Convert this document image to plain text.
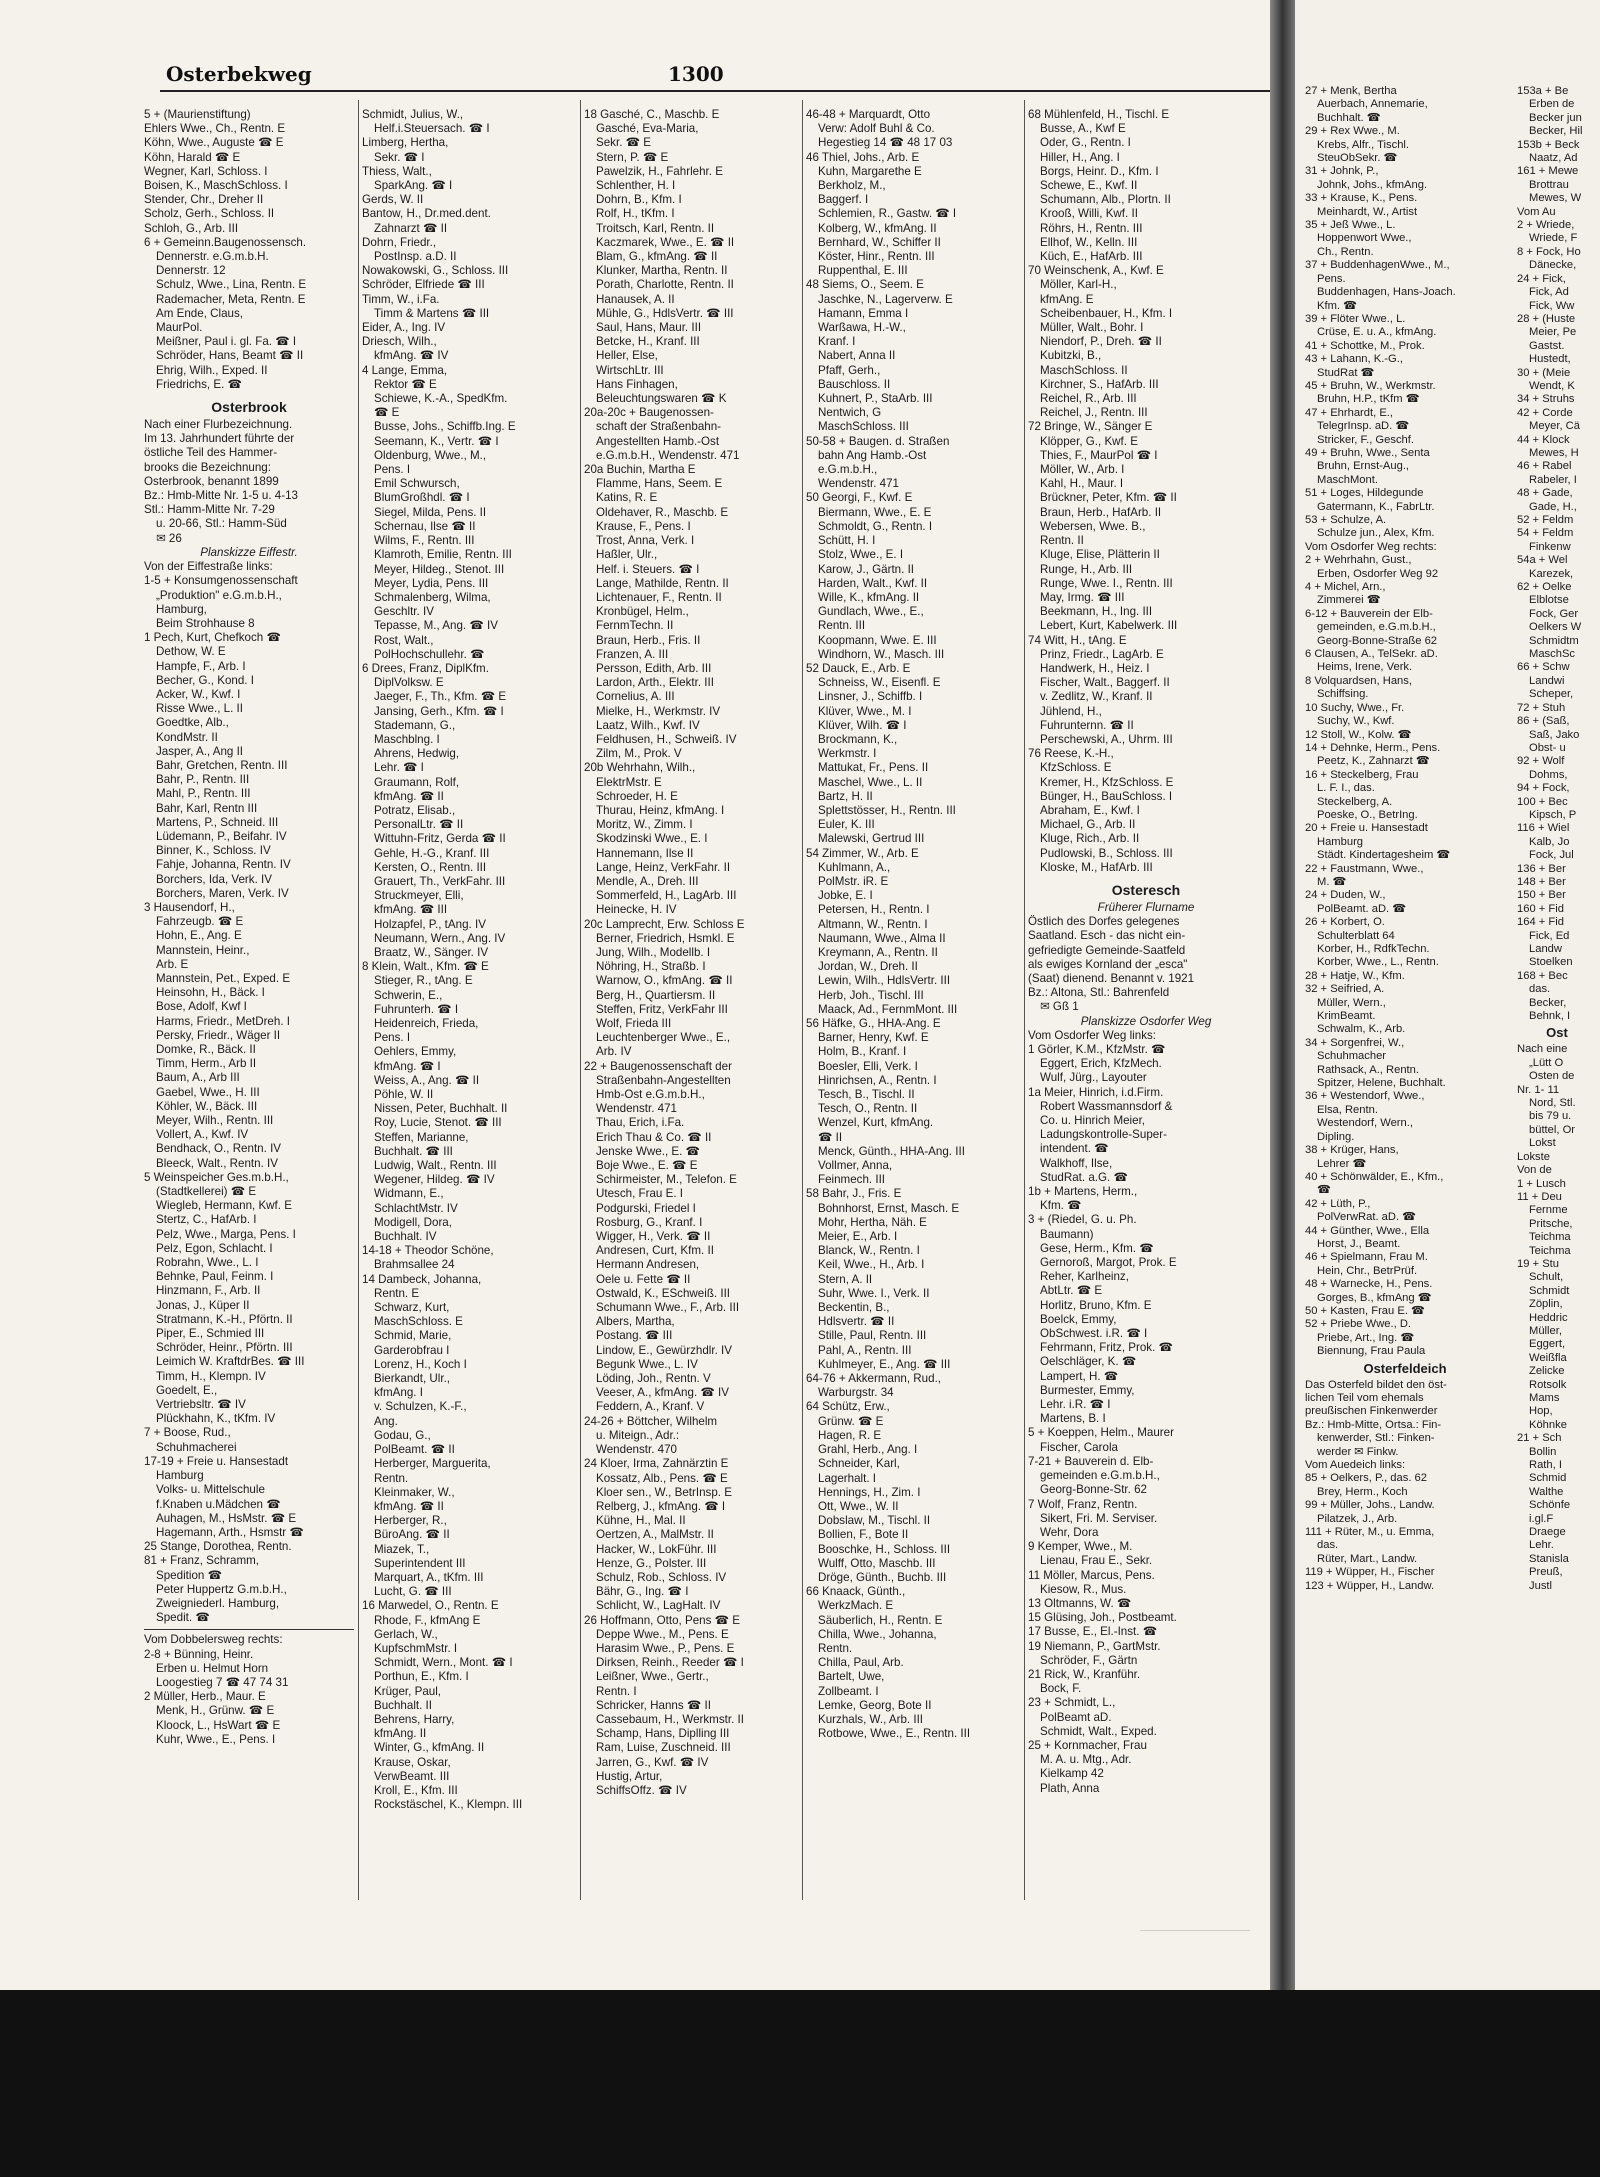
Osterbekweg	1300
5 + (Maurienstiftung)
Ehlers Wwe., Ch., Rentn. E
Köhn, Wwe., Auguste ☎ E
Köhn, Harald ☎ E
Wegner, Karl, Schloss. I
Boisen, K., MaschSchloss. I
Stender, Chr., Dreher II
Scholz, Gerh., Schloss. II
Schloh, G., Arb. III
6 + Gemeinn.Baugenossensch.
Dennerstr. e.G.m.b.H.
Dennerstr. 12
Schulz, Wwe., Lina, Rentn. E
Rademacher, Meta, Rentn. E
Am Ende, Claus,
MaurPol.
Meißner, Paul i. gl. Fa. ☎ I
Schröder, Hans, Beamt ☎ II
Ehrig, Wilh., Exped. II
Friedrichs, E. ☎
Osterbrook
Nach einer Flurbezeichnung.
Im 13. Jahrhundert führte der
östliche Teil des Hammer-
brooks die Bezeichnung:
Osterbrook, benannt 1899
Bz.: Hmb-Mitte Nr. 1-5 u. 4-13
Stl.: Hamm-Mitte Nr. 7-29
u. 20-66, Stl.: Hamm-Süd
✉ 26
Planskizze Eiffestr.
Von der Eiffestraße links:
1-5 + Konsumgenossenschaft
„Produktion" e.G.m.b.H.,
Hamburg,
Beim Strohhause 8
1 Pech, Kurt, Chefkoch ☎
Dethow, W. E
Hampfe, F., Arb. I
Becher, G., Kond. I
Acker, W., Kwf. I
Risse Wwe., L. II
Goedtke, Alb.,
KondMstr. II
Jasper, A., Ang II
Bahr, Gretchen, Rentn. III
Bahr, P., Rentn. III
Mahl, P., Rentn. III
Bahr, Karl, Rentn III
Martens, P., Schneid. III
Lüdemann, P., Beifahr. IV
Binner, K., Schloss. IV
Fahje, Johanna, Rentn. IV
Borchers, Ida, Verk. IV
Borchers, Maren, Verk. IV
3 Hausendorf, H.,
Fahrzeugb. ☎ E
Hohn, E., Ang. E
Mannstein, Heinr.,
Arb. E
Mannstein, Pet., Exped. E
Heinsohn, H., Bäck. I
Bose, Adolf, Kwf I
Harms, Friedr., MetDreh. I
Persky, Friedr., Wäger II
Domke, R., Bäck. II
Timm, Herm., Arb II
Baum, A., Arb III
Gaebel, Wwe., H. III
Köhler, W., Bäck. III
Meyer, Wilh., Rentn. III
Vollert, A., Kwf. IV
Bendhack, O., Rentn. IV
Bleeck, Walt., Rentn. IV
5 Weinspeicher Ges.m.b.H.,
(Stadtkellerei) ☎ E
Wiegleb, Hermann, Kwf. E
Stertz, C., HafArb. I
Pelz, Wwe., Marga, Pens. I
Pelz, Egon, Schlacht. I
Robrahn, Wwe., L. I
Behnke, Paul, Feinm. I
Hinzmann, F., Arb. II
Jonas, J., Küper II
Stratmann, K.-H., Pförtn. II
Piper, E., Schmied III
Schröder, Heinr., Pförtn. III
Leimich W. KraftdrBes. ☎ III
Timm, H., Klempn. IV
Goedelt, E.,
Vertriebsltr. ☎ IV
Plückhahn, K., tKfm. IV
7 + Boose, Rud.,
Schuhmacherei
17-19 + Freie u. Hansestadt
Hamburg
Volks- u. Mittelschule
f.Knaben u.Mädchen ☎
Auhagen, M., HsMstr. ☎ E
Hagemann, Arth., Hsmstr ☎
25 Stange, Dorothea, Rentn.
81 + Franz, Schramm,
Spedition ☎
Peter Huppertz G.m.b.H.,
Zweigniederl. Hamburg,
Spedit. ☎
Vom Dobbelersweg rechts:
2-8 + Bünning, Heinr.
Erben u. Helmut Horn
Loogestieg 7 ☎ 47 74 31
2 Müller, Herb., Maur. E
Menk, H., Grünw. ☎ E
Kloock, L., HsWart ☎ E
Kuhr, Wwe., E., Pens. I
Schmidt, Julius, W.,
Helf.i.Steuersach. ☎ I
Limberg, Hertha,
Sekr. ☎ I
Thiess, Walt.,
SparkAng. ☎ I
Gerds, W. II
Bantow, H., Dr.med.dent.
Zahnarzt ☎ II
Dohrn, Friedr.,
PostInsp. a.D. II
Nowakowski, G., Schloss. III
Schröder, Elfriede ☎ III
Timm, W., i.Fa.
Timm & Martens ☎ III
Eider, A., Ing. IV
Driesch, Wilh.,
kfmAng. ☎ IV
4 Lange, Emma,
Rektor ☎ E
Schiewe, K.-A., SpedKfm.
☎ E
Busse, Johs., Schiffb.Ing. E
Seemann, K., Vertr. ☎ I
Oldenburg, Wwe., M.,
Pens. I
Emil Schwursch,
BlumGroßhdl. ☎ I
Siegel, Milda, Pens. II
Schernau, Ilse ☎ II
Wilms, F., Rentn. III
Klamroth, Emilie, Rentn. III
Meyer, Hildeg., Stenot. III
Meyer, Lydia, Pens. III
Schmalenberg, Wilma,
Geschltr. IV
Tepasse, M., Ang. ☎ IV
Rost, Walt.,
PolHochschullehr. ☎
6 Drees, Franz, DiplKfm.
DiplVolksw. E
Jaeger, F., Th., Kfm. ☎ E
Jansing, Gerh., Kfm. ☎ I
Stademann, G.,
Maschblng. I
Ahrens, Hedwig,
Lehr. ☎ I
Graumann, Rolf,
kfmAng. ☎ II
Potratz, Elisab.,
PersonalLtr. ☎ II
Wittuhn-Fritz, Gerda ☎ II
Gehle, H.-G., Kranf. III
Kersten, O., Rentn. III
Grauert, Th., VerkFahr. III
Struckmeyer, Elli,
kfmAng. ☎ III
Holzapfel, P., tAng. IV
Neumann, Wern., Ang. IV
Braatz, W., Sänger. IV
8 Klein, Walt., Kfm. ☎ E
Stieger, R., tAng. E
Schwerin, E.,
Fuhrunterh. ☎ I
Heidenreich, Frieda,
Pens. I
Oehlers, Emmy,
kfmAng. ☎ I
Weiss, A., Ang. ☎ II
Pöhle, W. II
Nissen, Peter, Buchhalt. II
Roy, Lucie, Stenot. ☎ III
Steffen, Marianne,
Buchhalt. ☎ III
Ludwig, Walt., Rentn. III
Wegener, Hildeg. ☎ IV
Widmann, E.,
SchlachtMstr. IV
Modigell, Dora,
Buchhalt. IV
14-18 + Theodor Schöne,
Brahmsallee 24
14 Dambeck, Johanna,
Rentn. E
Schwarz, Kurt,
MaschSchloss. E
Schmid, Marie,
Garderobfrau I
Lorenz, H., Koch I
Bierkandt, Ulr.,
kfmAng. I
v. Schulzen, K.-F.,
Ang.
Godau, G.,
PolBeamt. ☎ II
Herberger, Marguerita,
Rentn.
Kleinmaker, W.,
kfmAng. ☎ II
Herberger, R.,
BüroAng. ☎ II
Miazek, T.,
Superintendent III
Marquart, A., tKfm. III
Lucht, G. ☎ III
16 Marwedel, O., Rentn. E
Rhode, F., kfmAng E
Gerlach, W.,
KupfschmMstr. I
Schmidt, Wern., Mont. ☎ I
Porthun, E., Kfm. I
Krüger, Paul,
Buchhalt. II
Behrens, Harry,
kfmAng. II
Winter, G., kfmAng. II
Krause, Oskar,
VerwBeamt. III
Kroll, E., Kfm. III
Rockstäschel, K., Klempn. III
18 Gasché, C., Maschb. E
Gasché, Eva-Maria,
Sekr. ☎ E
Stern, P. ☎ E
Pawelzik, H., Fahrlehr. E
Schlenther, H. I
Dohrn, B., Kfm. I
Rolf, H., tKfm. I
Troitsch, Karl, Rentn. II
Kaczmarek, Wwe., E. ☎ II
Blam, G., kfmAng. ☎ II
Klunker, Martha, Rentn. II
Porath, Charlotte, Rentn. II
Hanausek, A. II
Mühle, G., HdlsVertr. ☎ III
Saul, Hans, Maur. III
Betcke, H., Kranf. III
Heller, Else,
WirtschLtr. III
Hans Finhagen,
Beleuchtungswaren ☎ K
20a-20c + Baugenossen-
schaft der Straßenbahn-
Angestellten Hamb.-Ost
e.G.m.b.H., Wendenstr. 471
20a Buchin, Martha E
Flamme, Hans, Seem. E
Katins, R. E
Oldehaver, R., Maschb. E
Krause, F., Pens. I
Trost, Anna, Verk. I
Haßler, Ulr.,
Helf. i. Steuers. ☎ I
Lange, Mathilde, Rentn. II
Lichtenauer, F., Rentn. II
Kronbügel, Helm.,
FernmTechn. II
Braun, Herb., Fris. II
Franzen, A. III
Persson, Edith, Arb. III
Lardon, Arth., Elektr. III
Cornelius, A. III
Mielke, H., Werkmstr. IV
Laatz, Wilh., Kwf. IV
Feldhusen, H., Schweiß. IV
Zilm, M., Prok. V
20b Wehrhahn, Wilh.,
ElektrMstr. E
Schroeder, H. E
Thurau, Heinz, kfmAng. I
Moritz, W., Zimm. I
Skodzinski Wwe., E. I
Hannemann, Ilse II
Lange, Heinz, VerkFahr. II
Mendle, A., Dreh. III
Sommerfeld, H., LagArb. III
Heinecke, H. IV
20c Lamprecht, Erw. Schloss E
Berner, Friedrich, Hsmkl. E
Jung, Wilh., Modellb. I
Nöhring, H., Straßb. I
Warnow, O., kfmAng. ☎ II
Berg, H., Quartiersm. II
Steffen, Fritz, VerkFahr III
Wolf, Frieda III
Leuchtenberger Wwe., E.,
Arb. IV
22 + Baugenossenschaft der
Straßenbahn-Angestellten
Hmb-Ost e.G.m.b.H.,
Wendenstr. 471
Thau, Erich, i.Fa.
Erich Thau & Co. ☎ II
Jenske Wwe., E. ☎
Boje Wwe., E. ☎ E
Schirmeister, M., Telefon. E
Utesch, Frau E. I
Podgurski, Friedel I
Rosburg, G., Kranf. I
Wigger, H., Verk. ☎ II
Andresen, Curt, Kfm. II
Hermann Andresen,
Oele u. Fette ☎ II
Ostwald, K., ESchweiß. III
Schumann Wwe., F., Arb. III
Albers, Martha,
Postang. ☎ III
Lindow, E., Gewürzhdlr. IV
Begunk Wwe., L. IV
Löding, Joh., Rentn. V
Veeser, A., kfmAng. ☎ IV
Feddern, A., Kranf. V
24-26 + Böttcher, Wilhelm
u. Miteign., Adr.:
Wendenstr. 470
24 Kloer, Irma, Zahnärztin E
Kossatz, Alb., Pens. ☎ E
Kloer sen., W., BetrInsp. E
Relberg, J., kfmAng. ☎ I
Kühne, H., Mal. II
Oertzen, A., MalMstr. II
Hacker, W., LokFühr. III
Henze, G., Polster. III
Schulz, Rob., Schloss. IV
Bähr, G., Ing. ☎ I
Schlicht, W., LagHalt. IV
26 Hoffmann, Otto, Pens ☎ E
Deppe Wwe., M., Pens. E
Harasim Wwe., P., Pens. E
Dirksen, Reinh., Reeder ☎ I
Leißner, Wwe., Gertr.,
Rentn. I
Schricker, Hanns ☎ II
Cassebaum, H., Werkmstr. II
Schamp, Hans, Diplling III
Ram, Luise, Zuschneid. III
Jarren, G., Kwf. ☎ IV
Hustig, Artur,
SchiffsOffz. ☎ IV
46-48 + Marquardt, Otto
Verw: Adolf Buhl & Co.
Hegestieg 14 ☎ 48 17 03
46 Thiel, Johs., Arb. E
Kuhn, Margarethe E
Berkholz, M.,
Baggerf. I
Schlemien, R., Gastw. ☎ I
Kolberg, W., kfmAng. II
Bernhard, W., Schiffer II
Köster, Hinr., Rentn. III
Ruppenthal, E. III
48 Siems, O., Seem. E
Jaschke, N., Lagerverw. E
Hamann, Emma I
Warßawa, H.-W.,
Kranf. I
Nabert, Anna II
Pfaff, Gerh.,
Bauschloss. II
Kuhnert, P., StaArb. III
Nentwich, G
MaschSchloss. III
50-58 + Baugen. d. Straßen
bahn Ang Hamb.-Ost
e.G.m.b.H.,
Wendenstr. 471
50 Georgi, F., Kwf. E
Biermann, Wwe., E. E
Schmoldt, G., Rentn. I
Schütt, H. I
Stolz, Wwe., E. I
Karow, J., Gärtn. II
Harden, Walt., Kwf. II
Wille, K., kfmAng. II
Gundlach, Wwe., E.,
Rentn. III
Koopmann, Wwe. E. III
Windhorn, W., Masch. III
52 Dauck, E., Arb. E
Schneiss, W., Eisenfl. E
Linsner, J., Schiffb. I
Klüver, Wwe., M. I
Klüver, Wilh. ☎ I
Brockmann, K.,
Werkmstr. I
Mattukat, Fr., Pens. II
Maschel, Wwe., L. II
Bartz, H. II
Splettstösser, H., Rentn. III
Euler, K. III
Malewski, Gertrud III
54 Zimmer, W., Arb. E
Kuhlmann, A.,
PolMstr. iR. E
Jobke, E. I
Petersen, H., Rentn. I
Altmann, W., Rentn. I
Naumann, Wwe., Alma II
Kreymann, A., Rentn. II
Jordan, W., Dreh. II
Lewin, Wilh., HdlsVertr. III
Herb, Joh., Tischl. III
Maack, Ad., FernmMont. III
56 Häfke, G., HHA-Ang. E
Barner, Henry, Kwf. E
Holm, B., Kranf. I
Boesler, Elli, Verk. I
Hinrichsen, A., Rentn. I
Tesch, B., Tischl. II
Tesch, O., Rentn. II
Wenzel, Kurt, kfmAng.
☎ II
Menck, Günth., HHA-Ang. III
Vollmer, Anna,
Feinmech. III
58 Bahr, J., Fris. E
Bohnhorst, Ernst, Masch. E
Mohr, Hertha, Näh. E
Meier, E., Arb. I
Blanck, W., Rentn. I
Keil, Wwe., H., Arb. I
Stern, A. II
Suhr, Wwe. I., Verk. II
Beckentin, B.,
Hdlsvertr. ☎ II
Stille, Paul, Rentn. III
Pahl, A., Rentn. III
Kuhlmeyer, E., Ang. ☎ III
64-76 + Akkermann, Rud.,
Warburgstr. 34
64 Schütz, Erw.,
Grünw. ☎ E
Hagen, R. E
Grahl, Herb., Ang. I
Schneider, Karl,
Lagerhalt. I
Hennings, H., Zim. I
Ott, Wwe., W. II
Dobslaw, M., Tischl. II
Bollien, F., Bote II
Booschke, H., Schloss. III
Wulff, Otto, Maschb. III
Dröge, Günth., Buchb. III
66 Knaack, Günth.,
WerkzMach. E
Säuberlich, H., Rentn. E
Chilla, Wwe., Johanna,
Rentn.
Chilla, Paul, Arb.
Bartelt, Uwe,
Zollbeamt. I
Lemke, Georg, Bote II
Kurzhals, W., Arb. III
Rotbowe, Wwe., E., Rentn. III
68 Mühlenfeld, H., Tischl. E
Busse, A., Kwf E
Oder, G., Rentn. I
Hiller, H., Ang. I
Borgs, Heinr. D., Kfm. I
Schewe, E., Kwf. II
Schumann, Alb., Plortn. II
Krooß, Willi, Kwf. II
Röhrs, H., Rentn. III
Ellhof, W., Kelln. III
Küch, E., HafArb. III
70 Weinschenk, A., Kwf. E
Möller, Karl-H.,
kfmAng. E
Scheibenbauer, H., Kfm. I
Müller, Walt., Bohr. I
Niendorf, P., Dreh. ☎ II
Kubitzki, B.,
MaschSchloss. II
Kirchner, S., HafArb. III
Reichel, R., Arb. III
Reichel, J., Rentn. III
72 Bringe, W., Sänger E
Klöpper, G., Kwf. E
Thies, F., MaurPol ☎ I
Möller, W., Arb. I
Kahl, H., Maur. I
Brückner, Peter, Kfm. ☎ II
Braun, Herb., HafArb. II
Webersen, Wwe. B.,
Rentn. II
Kluge, Elise, Plätterin II
Runge, H., Arb. III
Runge, Wwe. I., Rentn. III
May, Irmg. ☎ III
Beekmann, H., Ing. III
Lebert, Kurt, Kabelwerk. III
74 Witt, H., tAng. E
Prinz, Friedr., LagArb. E
Handwerk, H., Heiz. I
Fischer, Walt., Baggerf. II
v. Zedlitz, W., Kranf. II
Jühlend, H.,
Fuhrunternn. ☎ II
Perschewski, A., Uhrm. III
76 Reese, K.-H.,
KfzSchloss. E
Kremer, H., KfzSchloss. E
Bünger, H., BauSchloss. I
Abraham, E., Kwf. I
Michael, G., Arb. II
Kluge, Rich., Arb. II
Pudlowski, B., Schloss. III
Kloske, M., HafArb. III
Osteresch
Früherer Flurname
Östlich des Dorfes gelegenes
Saatland. Esch - das nicht ein-
gefriedigte Gemeinde-Saatfeld
als ewiges Kornland der „esca"
(Saat) dienend. Benannt v. 1921
Bz.: Altona, Stl.: Bahrenfeld
✉ Gß 1
Planskizze Osdorfer Weg
Vom Osdorfer Weg links:
1 Görler, K.M., KfzMstr. ☎
Eggert, Erich, KfzMech.
Wulf, Jürg., Layouter
1a Meier, Hinrich, i.d.Firm.
Robert Wassmannsdorf &
Co. u. Hinrich Meier,
Ladungskontrolle-Super-
intendent. ☎
Walkhoff, Ilse,
StudRat. a.G. ☎
1b + Martens, Herm.,
Kfm. ☎
3 + (Riedel, G. u. Ph.
Baumann)
Gese, Herm., Kfm. ☎
Gernoroß, Margot, Prok. E
Reher, Karlheinz,
AbtLtr. ☎ E
Horlitz, Bruno, Kfm. E
Boelck, Emmy,
ObSchwest. i.R. ☎ I
Fehrmann, Fritz, Prok. ☎
Oelschläger, K. ☎
Lampert, H. ☎
Burmester, Emmy,
Lehr. i.R. ☎ I
Martens, B. I
5 + Koeppen, Helm., Maurer
Fischer, Carola
7-21 + Bauverein d. Elb-
gemeinden e.G.m.b.H.,
Georg-Bonne-Str. 62
7 Wolf, Franz, Rentn.
Sikert, Fri. M. Serviser.
Wehr, Dora
9 Kemper, Wwe., M.
Lienau, Frau E., Sekr.
11 Möller, Marcus, Pens.
Kiesow, R., Mus.
13 Oltmanns, W. ☎
15 Glüsing, Joh., Postbeamt.
17 Busse, E., El.-Inst. ☎
19 Niemann, P., GartMstr.
Schröder, F., Gärtn
21 Rick, W., Kranführ.
Bock, F.
23 + Schmidt, L.,
PolBeamt aD.
Schmidt, Walt., Exped.
25 + Kornmacher, Frau
M. A. u. Mtg., Adr.
Kielkamp 42
Plath, Anna
27 + Menk, Bertha
Auerbach, Annemarie,
Buchhalt. ☎
29 + Rex Wwe., M.
Krebs, Alfr., Tischl.
SteuObSekr. ☎
31 + Johnk, P.,
Johnk, Johs., kfmAng.
33 + Krause, K., Pens.
Meinhardt, W., Artist
35 + Jeß Wwe., L.
Hoppenwort Wwe.,
Ch., Rentn.
37 + BuddenhagenWwe., M.,
Pens.
Buddenhagen, Hans-Joach.
Kfm. ☎
39 + Flöter Wwe., L.
Crüse, E. u. A., kfmAng.
41 + Schottke, M., Prok.
43 + Lahann, K.-G.,
StudRat ☎
45 + Bruhn, W., Werkmstr.
Bruhn, H.P., tKfm ☎
47 + Ehrhardt, E.,
TelegrInsp. aD. ☎
Stricker, F., Geschf.
49 + Bruhn, Wwe., Senta
Bruhn, Ernst-Aug.,
MaschMont.
51 + Loges, Hildegunde
Gatermann, K., FabrLtr.
53 + Schulze, A.
Schulze jun., Alex, Kfm.
Vom Osdorfer Weg rechts:
2 + Wehrhahn, Gust.,
Erben, Osdorfer Weg 92
4 + Michel, Arn.,
Zimmerei ☎
6-12 + Bauverein der Elb-
gemeinden, e.G.m.b.H.,
Georg-Bonne-Straße 62
6 Clausen, A., TelSekr. aD.
Heims, Irene, Verk.
8 Volquardsen, Hans,
Schiffsing.
10 Suchy, Wwe., Fr.
Suchy, W., Kwf.
12 Stoll, W., Kolw. ☎
14 + Dehnke, Herm., Pens.
Peetz, K., Zahnarzt ☎
16 + Steckelberg, Frau
L. F. I., das.
Steckelberg, A.
Poeske, O., BetrIng.
20 + Freie u. Hansestadt
Hamburg
Städt. Kindertagesheim ☎
22 + Faustmann, Wwe.,
M. ☎
24 + Duden, W.,
PolBeamt. aD. ☎
26 + Korbert, O.
Schulterblatt 64
Korber, H., RdfkTechn.
Korber, Wwe., L., Rentn.
28 + Hatje, W., Kfm.
32 + Seifried, A.
Müller, Wern.,
KrimBeamt.
Schwalm, K., Arb.
34 + Sorgenfrei, W.,
Schuhmacher
Rathsack, A., Rentn.
Spitzer, Helene, Buchhalt.
36 + Westendorf, Wwe.,
Elsa, Rentn.
Westendorf, Wern.,
Dipling.
38 + Krüger, Hans,
Lehrer ☎
40 + Schönwälder, E., Kfm.,
☎
42 + Lüth, P.,
PolVerwRat. aD. ☎
44 + Günther, Wwe., Ella
Horst, J., Beamt.
46 + Spielmann, Frau M.
Hein, Chr., BetrPrüf.
48 + Warnecke, H., Pens.
Gorges, B., kfmAng ☎
50 + Kasten, Frau E. ☎
52 + Priebe Wwe., D.
Priebe, Art., Ing. ☎
Biennung, Frau Paula
Osterfeldeich
Das Osterfeld bildet den öst-
lichen Teil vom ehemals
preußischen Finkenwerder
Bz.: Hmb-Mitte, Ortsa.: Fin-
kenwerder, Stl.: Finken-
werder ✉ Finkw.
Vom Auedeich links:
85 + Oelkers, P., das. 62
Brey, Herm., Koch
99 + Müller, Johs., Landw.
Pilatzek, J., Arb.
111 + Rüter, M., u. Emma,
das.
Rüter, Mart., Landw.
119 + Wüpper, H., Fischer
123 + Wüpper, H., Landw.
153a + Be
Erben de
Becker jun
Becker, Hil
153b + Beck
Naatz, Ad
161 + Mewe
Brottrau
Mewes, W
Vom Au
2 + Wriede,
Wriede, F
8 + Fock, Ho
Dänecke,
24 + Fick,
Fick, Ad
Fick, Ww
28 + (Huste
Meier, Pe
Gastst.
Hustedt,
30 + (Meie
Wendt, K
34 + Struhs
42 + Corde
Meyer, Cä
44 + Klock
Mewes, H
46 + Rabel
Rabeler, I
48 + Gade,
Gade, H.,
52 + Feldm
54 + Feldm
Finkenw
54a + Wel
Karezek,
62 + Oelke
Elblotse
Fock, Ger
Oelkers W
Schmidtm
MaschSc
66 + Schw
Landwi
Scheper,
72 + Stuh
86 + (Saß,
Saß, Jako
Obst- u
92 + Wolf
Dohms,
94 + Fock,
100 + Bec
Kipsch, P
116 + Wiel
Kalb, Jo
Fock, Jul
136 + Ber
148 + Ber
150 + Ber
160 + Fid
164 + Fid
Fick, Ed
Landw
Stoelken
168 + Bec
das.
Becker,
Behnk, I
Ost
Nach eine
„Lütt O
Osten de
Nr. 1- 11
Nord, Stl.
bis 79 u.
büttel, Or
Lokst
Lokste
Von de
1 + Lusch
11 + Deu
Fernme
Pritsche,
Teichma
Teichma
19 + Stu
Schult,
Schmidt
Zöplin,
Heddric
Müller,
Eggert,
Weißfla
Zelicke
Rotsolk
Mams
Hop,
Köhnke
21 + Sch
Bollin
Rath, I
Schmid
Walthe
Schönfe
i.gl.F
Draege
Lehr.
Stanisla
Preuß,
Justl
